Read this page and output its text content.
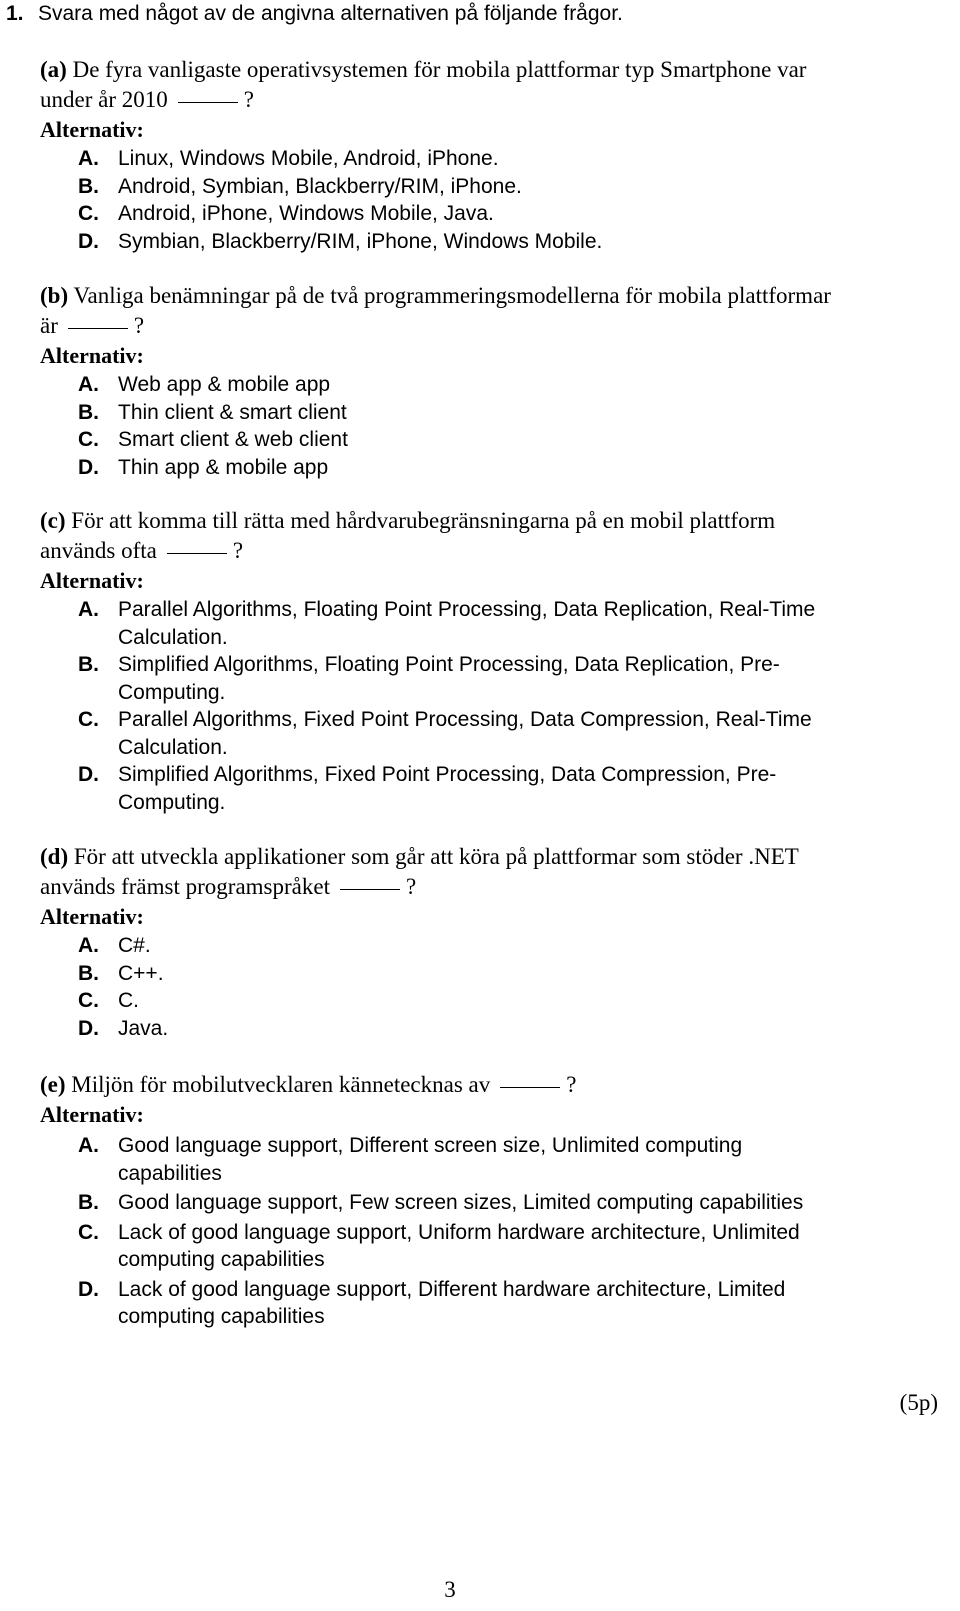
1. Svara med något av de angivna alternativen på följande frågor.
(a) De fyra vanligaste operativsystemen för mobila plattformar typ Smartphone var
under år 2010	?
Alternativ:
A. Linux, Windows Mobile, Android, iPhone.
B. Android, Symbian, Blackberry/RIM, iPhone.
C. Android, iPhone, Windows Mobile, Java.
D. Symbian, Blackberry/RIM, iPhone, Windows Mobile.
(b) Vanliga benämningar på de två programmeringsmodellerna för mobila plattformar
är	?
Alternativ:
A. Web app & mobile app
B. Thin client & smart client
C. Smart client & web client
D. Thin app & mobile app
(c) För att komma till rätta med hårdvarubegränsningarna på en mobil plattform
används ofta	?
Alternativ:
A. Parallel Algorithms, Floating Point Processing, Data Replication, Real-Time
Calculation.
B. Simplified Algorithms, Floating Point Processing, Data Replication, Pre-
Computing.
C. Parallel Algorithms, Fixed Point Processing, Data Compression, Real-Time
Calculation.
D. Simplified Algorithms, Fixed Point Processing, Data Compression, Pre-
Computing.
(d) För att utveckla applikationer som går att köra på plattformar som stöder .NET
används främst programspråket	?
Alternativ:
A. C#.
B. C++.
C. C.
D. Java.
(e) Miljön för mobilutvecklaren kännetecknas av	?
Alternativ:
A. Good language support, Different screen size, Unlimited computing
capabilities
B. Good language support, Few screen sizes, Limited computing capabilities
C. Lack of good language support, Uniform hardware architecture, Unlimited
computing capabilities
D. Lack of good language support, Different hardware architecture, Limited
computing capabilities
(5p)
3
